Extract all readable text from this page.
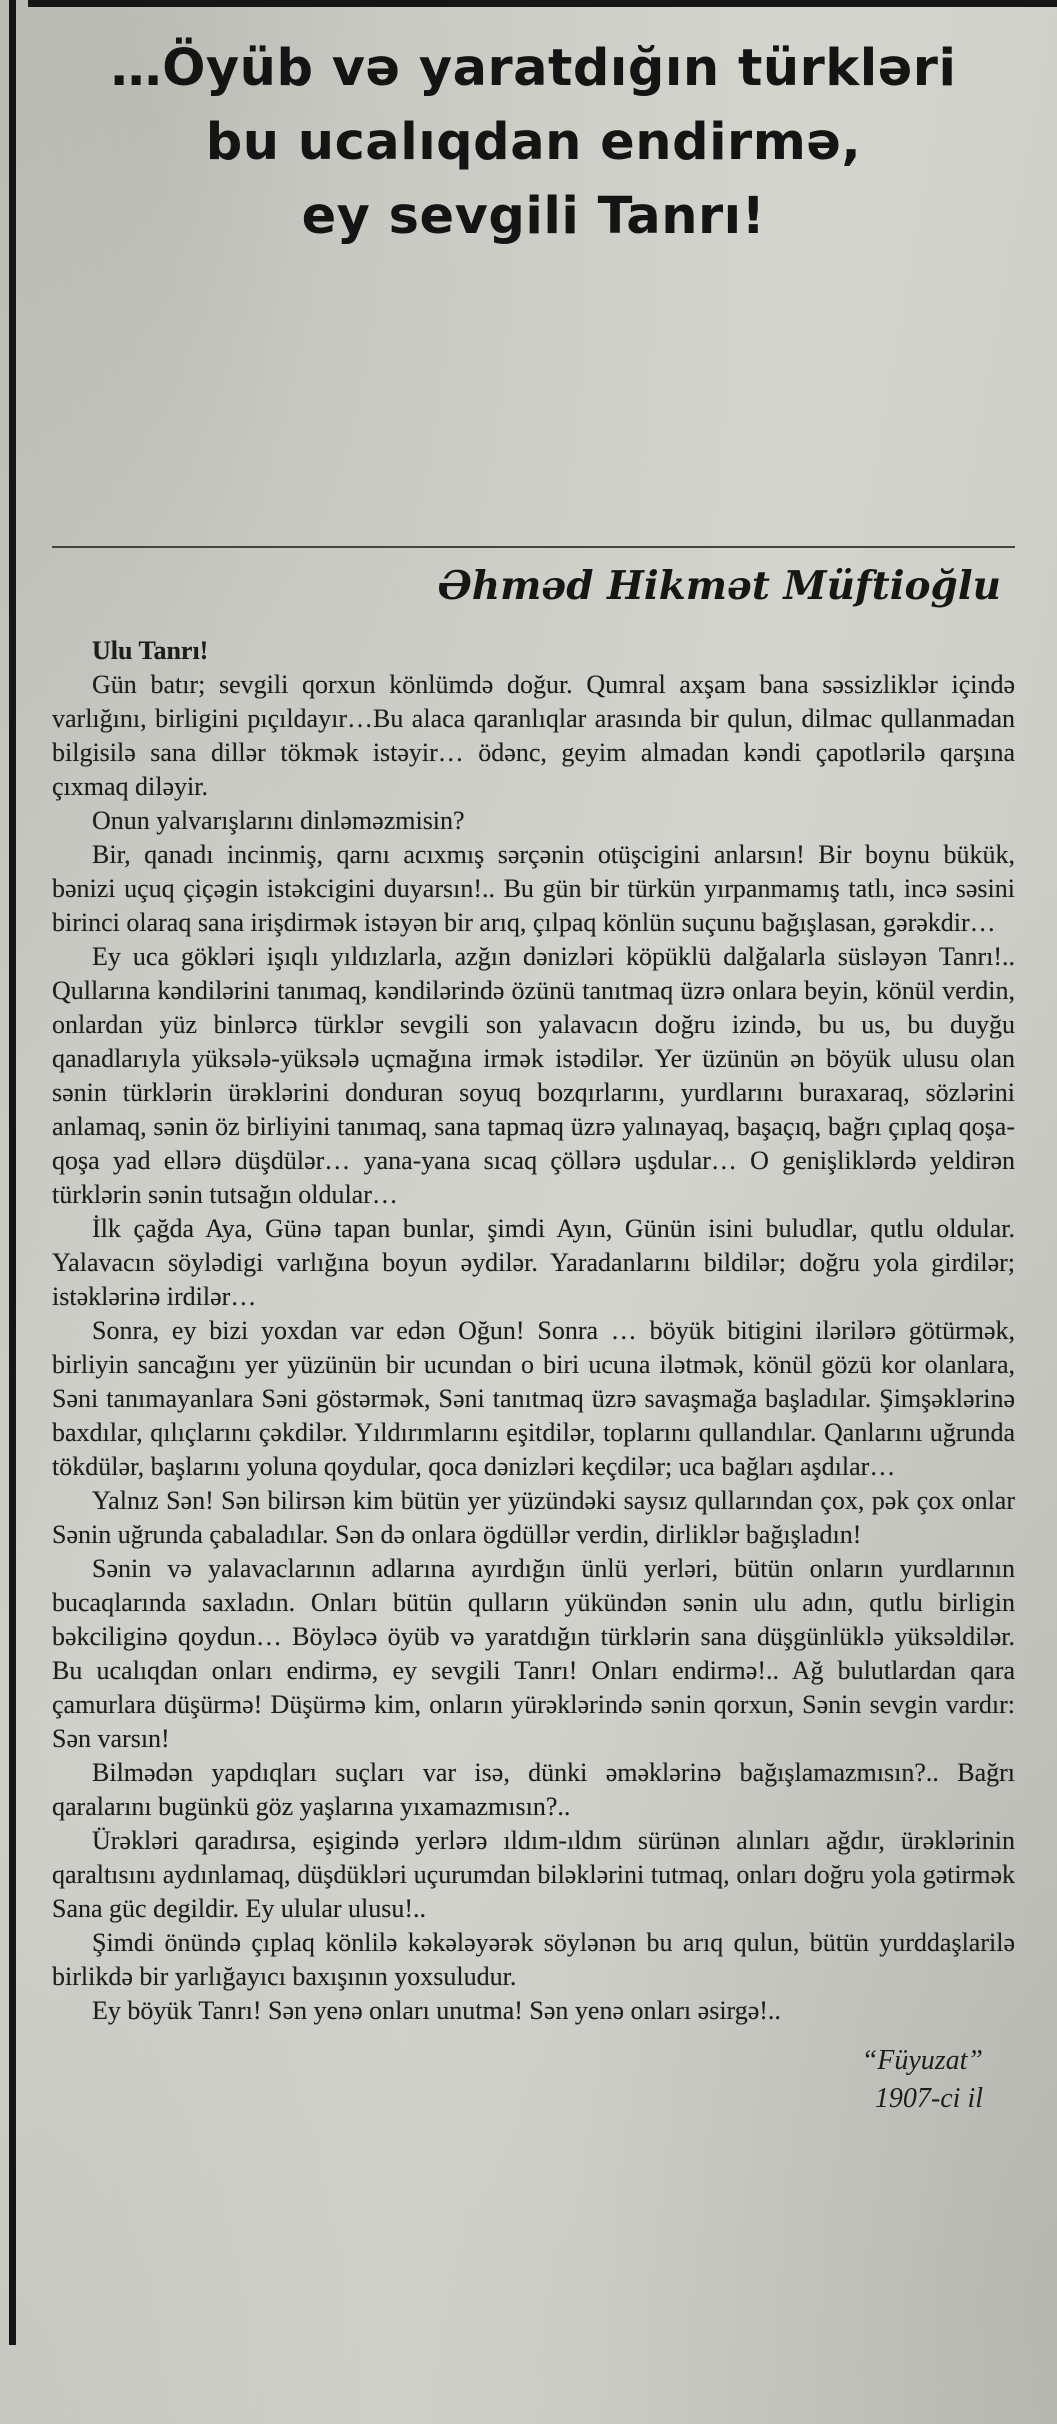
…Öyüb və yaratdığın türkləri
bu ucalıqdan endirmə,
ey sevgili Tanrı!
Əhməd Hikmət Müftioğlu

Ulu Tanrı!

Gün batır; sevgili qorxun könlümdə doğur. Qumral axşam bana səssizliklər içində varlığını, birligini pıçıldayır…Bu alaca qaranlıqlar arasında bir qulun, dilmac qullanmadan bilgisilə sana dillər tökmək istəyir… ödənc, geyim almadan kəndi çapotlərilə qarşına çıxmaq diləyir.

Onun yalvarışlarını dinləməzmisin?

Bir, qanadı incinmiş, qarnı acıxmış sərçənin otüşcigini anlarsın! Bir boynu bükük, bənizi uçuq çiçəgin istəkcigini duyarsın!.. Bu gün bir türkün yırpanmamış tatlı, incə səsini birinci olaraq sana irişdirmək istəyən bir arıq, çılpaq könlün suçunu bağışlasan, gərəkdir…

Ey uca gökləri işıqlı yıldızlarla, azğın dənizləri köpüklü dalğalarla süsləyən Tanrı!.. Qullarına kəndilərini tanımaq, kəndilərində özünü tanıtmaq üzrə onlara beyin, könül verdin, onlardan yüz binlərcə türklər sevgili son yalavacın doğru izində, bu us, bu duyğu qanadlarıyla yüksələ-yüksələ uçmağına irmək istədilər. Yer üzünün ən böyük ulusu olan sənin türklərin ürəklərini donduran soyuq bozqırlarını, yurdlarını buraxaraq, sözlərini anlamaq, sənin öz birliyini tanımaq, sana tapmaq üzrə yalınayaq, başaçıq, bağrı çıplaq qoşa-qoşa yad ellərə düşdülər… yana-yana sıcaq çöllərə uşdular… O genişliklərdə yeldirən türklərin sənin tutsağın oldular…

İlk çağda Aya, Günə tapan bunlar, şimdi Ayın, Günün isini buludlar, qutlu oldular. Yalavacın söylədigi varlığına boyun əydilər. Yaradanlarını bildilər; doğru yola girdilər; istəklərinə irdilər…

Sonra, ey bizi yoxdan var edən Oğun! Sonra … böyük bitigini ilərilərə götürmək, birliyin sancağını yer yüzünün bir ucundan o biri ucuna ilətmək, könül gözü kor olanlara, Səni tanımayanlara Səni göstərmək, Səni tanıtmaq üzrə savaşmağa başladılar. Şimşəklərinə baxdılar, qılıçlarını çəkdilər. Yıldırımlarını eşitdilər, toplarını qullandılar. Qanlarını uğrunda tökdülər, başlarını yoluna qoydular, qoca dənizləri keçdilər; uca bağları aşdılar…

Yalnız Sən! Sən bilirsən kim bütün yer yüzündəki saysız qullarından çox, pək çox onlar Sənin uğrunda çabaladılar. Sən də onlara ögdüllər verdin, dirliklər bağışladın!

Sənin və yalavaclarının adlarına ayırdığın ünlü yerləri, bütün onların yurdlarının bucaqlarında saxladın. Onları bütün qulların yükündən sənin ulu adın, qutlu birligin bəkciliginə qoydun… Böyləcə öyüb və yaratdığın türklərin sana düşgünlüklə yüksəldilər. Bu ucalıqdan onları endirmə, ey sevgili Tanrı! Onları endirmə!.. Ağ bulutlardan qara çamurlara düşürmə! Düşürmə kim, onların yürəklərində sənin qorxun, Sənin sevgin vardır: Sən varsın!

Bilmədən yapdıqları suçları var isə, dünki əməklərinə bağışlamazmısın?.. Bağrı qaralarını bugünkü göz yaşlarına yıxamazmısın?..

Ürəkləri qaradırsa, eşigində yerlərə ıldım-ıldım sürünən alınları ağdır, ürəklərinin qaraltısını aydınlamaq, düşdükləri uçurumdan biləklərini tutmaq, onları doğru yola gətirmək Sana güc degildir. Ey ulular ulusu!..

Şimdi önündə çıplaq könlilə kəkələyərək söylənən bu arıq qulun, bütün yurddaşlarilə birlikdə bir yarlığayıcı baxışının yoxsuludur.

Ey böyük Tanrı! Sən yenə onları unutma! Sən yenə onları əsirgə!..

“Füyuzat”
1907-ci il
